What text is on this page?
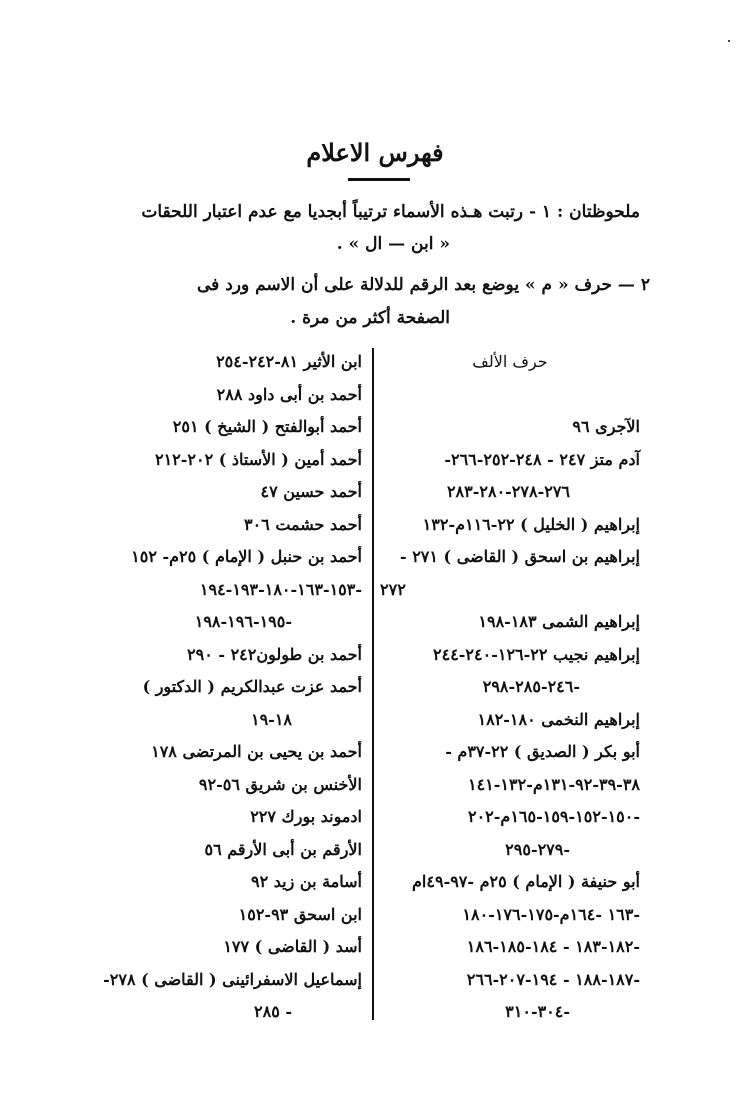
فهرس الاعلام
ملحوظتان : ١ - رتبت هـذه الأسماء ترتيباً أبجديا مع عدم اعتبار اللحقات
« ابن — ال » .
٢ — حرف « م » يوضع بعد الرقم للدلالة على أن الاسم ورد فى
الصفحة أكثر من مرة .
حرف الألف
الآجرى ٩٦
آدم متز ٢٤٧ - ٢٤٨-٢٥٢-٢٦٦-
٢٧٦-٢٧٨-٢٨٠-٢٨٣
إبراهيم ( الخليل ) ٢٢-١١٦م-١٣٢
إبراهيم بن اسحق ( القاضى ) ٢٧١ -
٢٧٢
إبراهيم الشمى ١٨٣-١٩٨
إبراهيم نجيب ٢٢-١٢٦-٢٤٠-٢٤٤
-٢٤٦-٢٨٥-٢٩٨
إبراهيم النخمى ١٨٠-١٨٢
أبو بكر ( الصديق ) ٢٢-٣٧م -
٣٨-٣٩-٩٢-١٣١م-١٣٢-١٤١
-١٥٠-١٥٢-١٥٩-١٦٥م-٢٠٢
-٢٧٩-٢٩٥
أبو حنيفة ( الإمام ) ٢٥م -٩٧-٤٩ام
-١٦٣ -١٦٤م-١٧٥-١٧٦-١٨٠
-١٨٢-١٨٣ - ١٨٤-١٨٥-١٨٦
-١٨٧-١٨٨ - ١٩٤-٢٠٧-٢٦٦
-٣٠٤-٣١٠
ابن الأثير ٨١-٢٤٢-٢٥٤
أحمد بن أبى داود ٢٨٨
أحمد أبوالفتح ( الشيخ ) ٢٥١
أحمد أمين ( الأستاذ ) ٢٠٢-٢١٢
أحمد حسين ٤٧
أحمد حشمت ٣٠٦
أحمد بن حنبل ( الإمام ) ٢٥م- ١٥٢
-١٥٣-١٦٣-١٨٠-١٩٣-١٩٤
-١٩٥-١٩٦-١٩٨
أحمد بن طولون٢٤٢ - ٢٩٠
أحمد عزت عبدالكريم ( الدكتور )
١٨-١٩
أحمد بن يحيى بن المرتضى ١٧٨
الأخنس بن شريق ٥٦-٩٢
ادموند بورك ٢٢٧
الأرقم بن أبى الأرقم ٥٦
أسامة بن زيد ٩٢
ابن اسحق ٩٣-١٥٢
أسد ( القاضى ) ١٧٧
إسماعيل الاسفرائينى ( القاضى ) ٢٧٨-
- ٢٨٥
